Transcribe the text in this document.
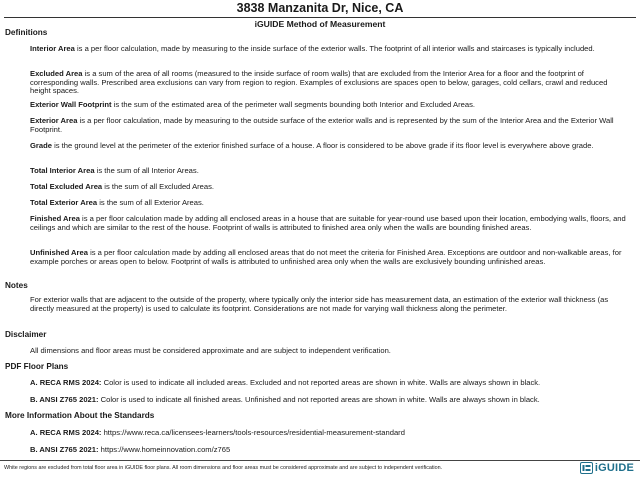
3838 Manzanita Dr, Nice, CA
iGUIDE Method of Measurement
Definitions

Interior Area is a per floor calculation, made by measuring to the inside surface of the exterior walls. The footprint of all interior walls and staircases is typically included.

Excluded Area is a sum of the area of all rooms (measured to the inside surface of room walls) that are excluded from the Interior Area for a floor and the footprint of corresponding walls. Prescribed area exclusions can vary from region to region. Examples of exclusions are spaces open to below, garages, cold cellars, crawl and reduced height spaces.

Exterior Wall Footprint is the sum of the estimated area of the perimeter wall segments bounding both Interior and Excluded Areas.

Exterior Area is a per floor calculation, made by measuring to the outside surface of the exterior walls and is represented by the sum of the Interior Area and the Exterior Wall Footprint.

Grade is the ground level at the perimeter of the exterior finished surface of a house. A floor is considered to be above grade if its floor level is everywhere above grade.

Total Interior Area is the sum of all Interior Areas.

Total Excluded Area is the sum of all Excluded Areas.

Total Exterior Area is the sum of all Exterior Areas.

Finished Area is a per floor calculation made by adding all enclosed areas in a house that are suitable for year-round use based upon their location, embodying walls, floors, and ceilings and which are similar to the rest of the house. Footprint of walls is attributed to finished area only when the walls are bounding finished areas.

Unfinished Area is a per floor calculation made by adding all enclosed areas that do not meet the criteria for Finished Area. Exceptions are outdoor and non-walkable areas, for example porches or areas open to below. Footprint of walls is attributed to unfinished area only when the walls are exclusively bounding unfinished areas.

Notes

For exterior walls that are adjacent to the outside of the property, where typically only the interior side has measurement data, an estimation of the exterior wall thickness (as directly measured at the property) is used to calculate its footprint. Considerations are not made for varying wall thickness along the perimeter.

Disclaimer

All dimensions and floor areas must be considered approximate and are subject to independent verification.

PDF Floor Plans

A. RECA RMS 2024: Color is used to indicate all included areas. Excluded and not reported areas are shown in white. Walls are always shown in black.

B. ANSI Z765 2021: Color is used to indicate all finished areas. Unfinished and not reported areas are shown in white. Walls are always shown in black.

More Information About the Standards

A. RECA RMS 2024: https://www.reca.ca/licensees-learners/tools-resources/residential-measurement-standard

B. ANSI Z765 2021: https://www.homeinnovation.com/z765

White regions are excluded from total floor area in iGUIDE floor plans. All room dimensions and floor areas must be considered approximate and are subject to independent verification.	iGUIDE
